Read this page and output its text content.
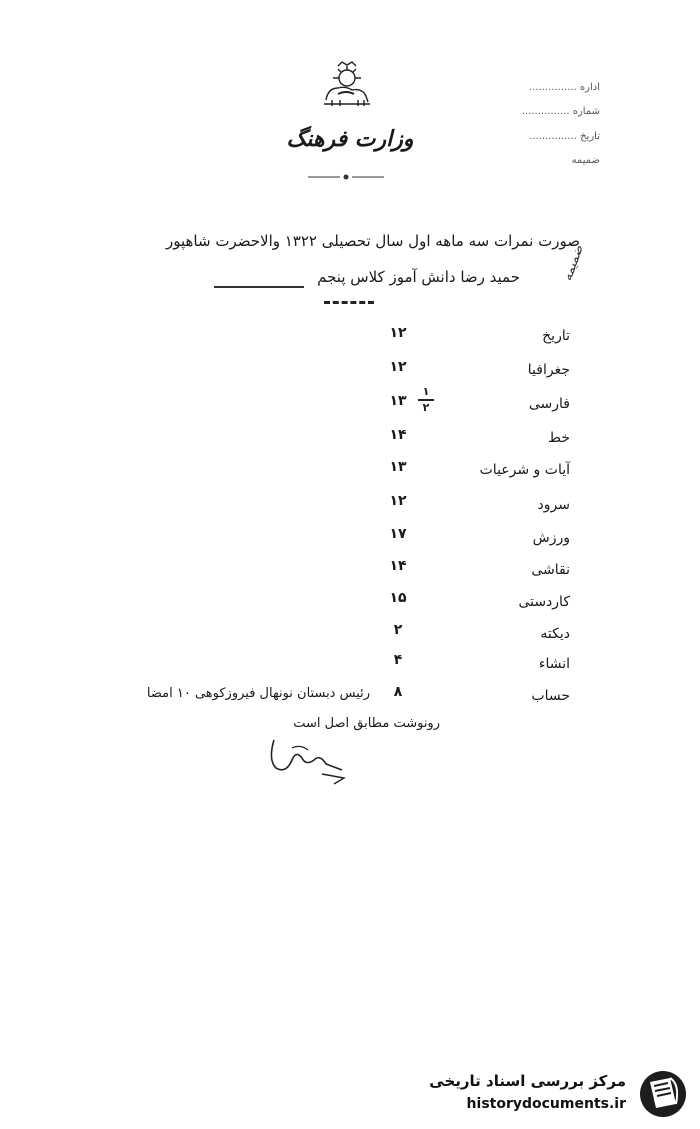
وزارت فرهنگ
اداره ...............
شماره ...............
تاریخ ...............
ضمیمه
صورت نمرات سه ماهه اول سال تحصیلی ۱۳۲۲ والاحضرت شاهپور
حمید رضا دانش آموز کلاس پنجم	ضمیمه
تاریخ
۱۲
جغرافیا
۱۲
فارسی
۱۳
۱
۲
خط
۱۴
آیات و شرعیات
۱۳
سرود
۱۲
ورزش
۱۷
نقاشی
۱۴
کاردستی
۱۵
دیکته
۲
انشاء
۴
حساب
۸
رئیس دبستان نونهال فیروزکوهی ۱۰ امضا
رونوشت مطابق اصل است
مرکز بررسی اسناد تاریخی
historydocuments.ir
